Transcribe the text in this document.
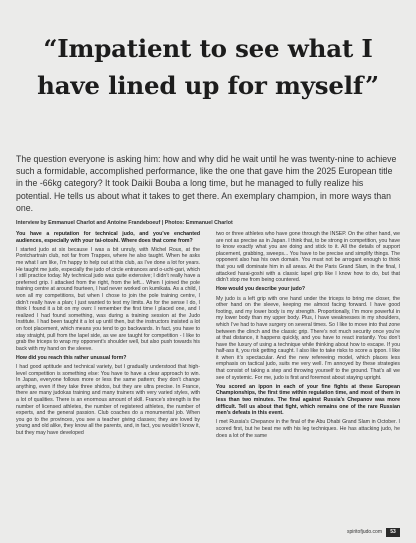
“Impatient to see what I
have lined up for myself”

The question everyone is asking him: how and why did he wait until he was twenty-nine to achieve such a formidable, accomplished performance, like the one that gave him the 2025 European title in the -66kg category? It took Daikii Bouba a long time, but he managed to fully realize his potential. He tells us about what it takes to get there. An exemplary champion, in more ways than one.

Interview by Emmanuel Charlot and Antoine Frandeboeuf | Photos: Emmanuel Charlot

You have a reputation for technical judo, and you’ve enchanted audiences, especially with your tai-otoshi. Where does that come from?

I started judo at six because I was a bit unruly, with Michel Roux, at the Pontchartrain club, not far from Trappes, where he also taught. When he asks me what I am like, I’m happy to help out at this club, as I’ve done a lot for years. He taught me judo, especially the judo of circle entrances and o-uchi-gari, which I still practice today. My technical judo was quite extensive; I didn’t really have a preferred grip. I attacked from the right, from the left... When I joined the pole training centre at around fourteen, I had never worked on kumikata. As a child, I won all my competitions, but when I chose to join the pole training centre, I didn’t really have a plan; I just wanted to test my limits. As for the sense I do, I think I found it a bit on my own: I remember the first time I placed one, and I realized I had found something, was during a training session at the Judo Institute. I had been taught it a lot up until then, but the instructors insisted a lot on foot placement, which means you tend to go backwards. In fact, you have to stay straight, pull from the lapel side, as we are taught for competition - I like to grab the triceps to wrap my opponent’s shoulder well, but also push towards his back with my hand on the sleeve.

How did you reach this rather unusual form?

I had good aptitude and technical variety, but I gradually understood that high-level competition is something else: You have to have a clear approach to win. In Japan, everyone follows more or less the same pattern; they don’t change anything, even if they take three shidos, but they are ultra precise. In France, there are many judokas training and many trainers with very varied styles, with a lot of qualities. There is an enormous amount of skill. France’s strength is the number of licensed athletes, the number of registered athletes, the number of experts, and the general passion. Club coaches do a monumental job. When you go to the provinces, you see a teacher giving classes; they are loved by young and old alike, they know all the parents, and, in fact, you wouldn’t know it, but they may have developed

two or three athletes who have gone through the INSEP. On the other hand, we are not as precise as in Japan. I think that, to be strong in competition, you have to know exactly what you are doing and stick to it. All the details of support placement, grabbing, sweeps... You have to be precise and simplify things. The opponent also has his own domain. You must not be arrogant enough to think that you will dominate him in all areas. At the Paris Grand Slam, in the final, I attacked harai-goshi with a classic lapel grip like I know how to do, but that didn’t stop me from being countered.

How would you describe your judo?

My judo is a left grip with one hand under the triceps to bring me closer, the other hand on the sleeve, keeping me almost facing forward. I have good footing, and my lower body is my strength. Proportionally, I’m more powerful in my lower body than my upper body. Plus, I have weaknesses in my shoulders, which I’ve had to have surgery on several times. So I like to move into that zone between the clinch and the classic grip. There’s not much security once you’re at that distance, it happens quickly, and you have to react instantly. You don’t have the luxury of using a technique while thinking about how to escape. If you half-ass it, you risk getting caught. I also like to take risks to score a ippon. I like it when it’s spectacular. And the new refereeing model, which places less emphasis on tactical judo, suits me very well. I’m annoyed by these strategies that consist of taking a step and throwing yourself to the ground. That’s all we see of systemic. For me, judo is first and foremost about staying upright.

You scored an ippon in each of your fine fights at these European Championships, the first time within regulation time, and most of them in less than two minutes. The final against Russia’s Chepanov was more difficult. Tell us about that fight, which remains one of the rare Russian men’s defeats in this event.

I met Russia’s Chepanov in the final of the Abu Dhabi Grand Slam in October. I scored first, but he beat me with his leg techniques. He has attacking judo, he does a lot of the same

spiritofjudo.com	53
